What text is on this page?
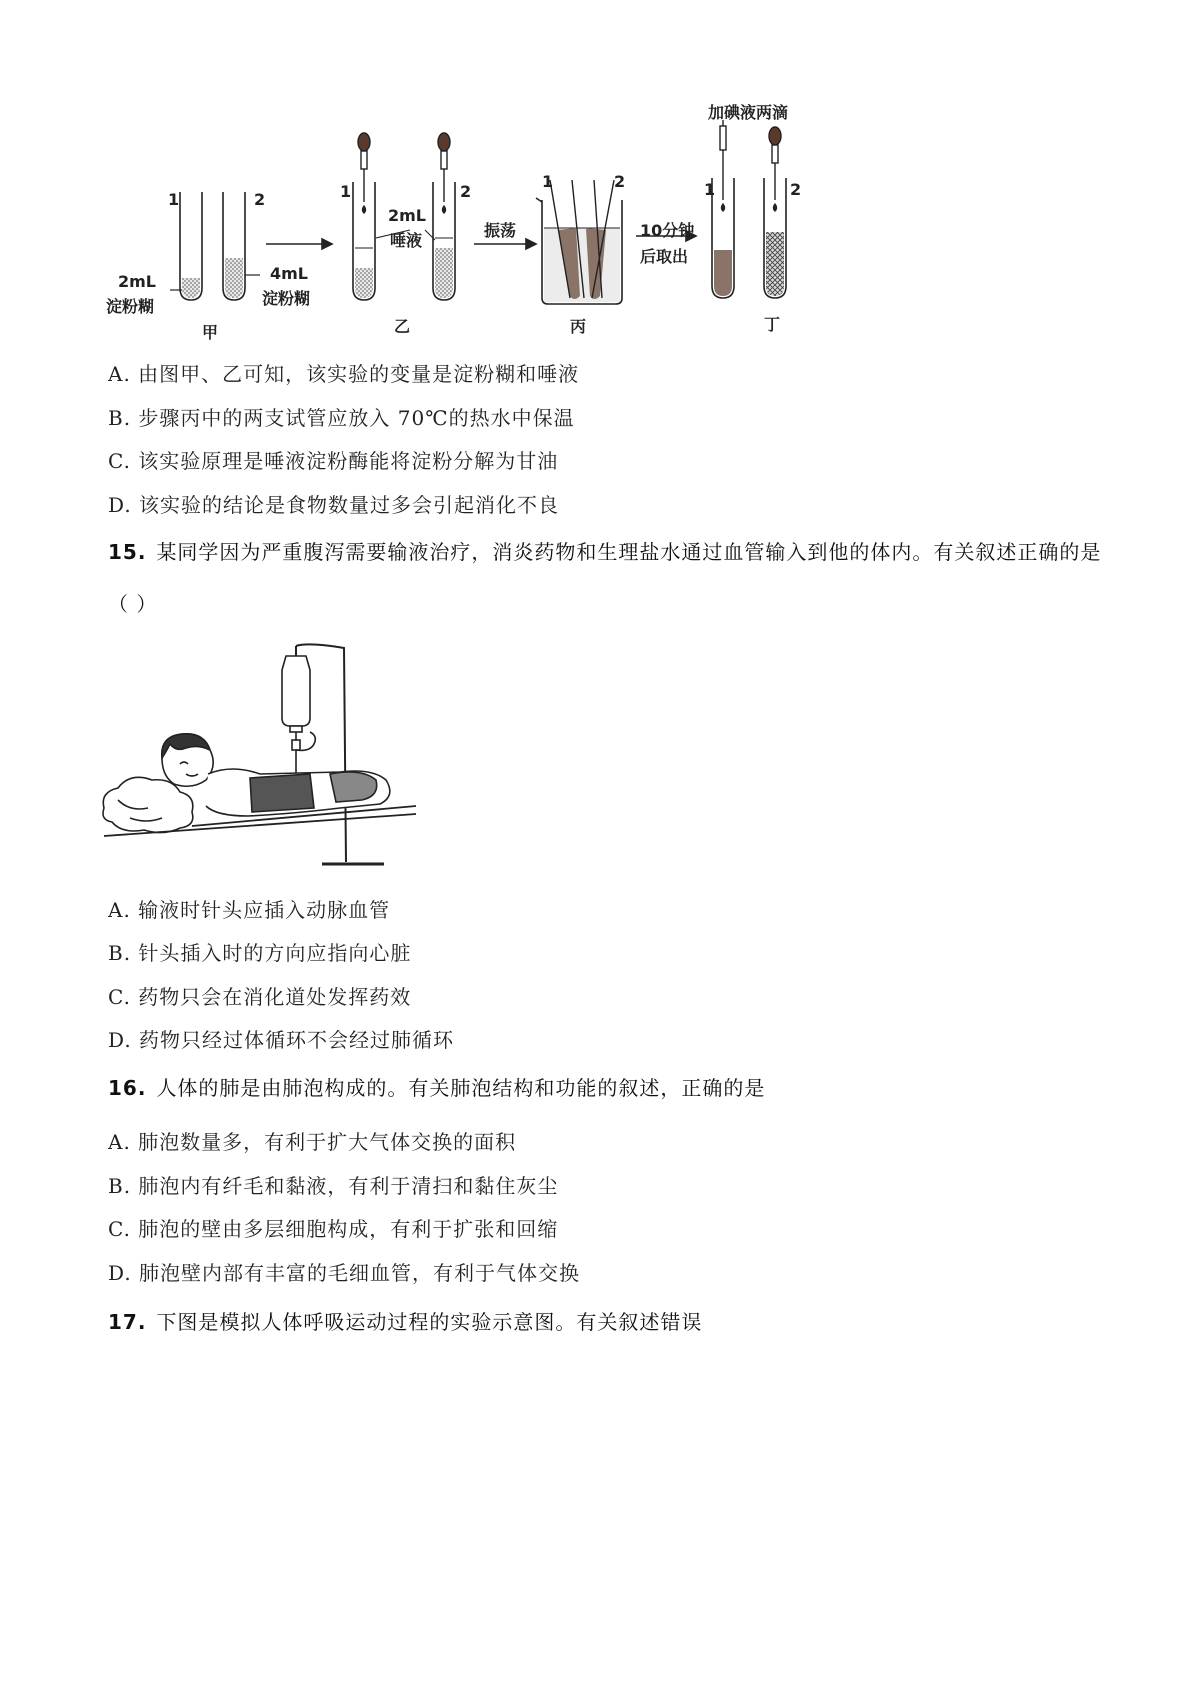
1	2
2mL
淀粉糊
4mL
淀粉糊
甲
1	2
2mL
唾液
乙
振荡
1	2
丙
10分钟
后取出
加碘液两滴
1	2
丁
A. 由图甲、乙可知，该实验的变量是淀粉糊和唾液
B. 步骤丙中的两支试管应放入 70℃的热水中保温
C. 该实验原理是唾液淀粉酶能将淀粉分解为甘油
D. 该实验的结论是食物数量过多会引起消化不良
15. 某同学因为严重腹泻需要输液治疗，消炎药物和生理盐水通过血管输入到他的体内。有关叙述正确的是
（ ）
A. 输液时针头应插入动脉血管
B. 针头插入时的方向应指向心脏
C. 药物只会在消化道处发挥药效
D. 药物只经过体循环不会经过肺循环
16. 人体的肺是由肺泡构成的。有关肺泡结构和功能的叙述，正确的是
A. 肺泡数量多，有利于扩大气体交换的面积
B. 肺泡内有纤毛和黏液，有利于清扫和黏住灰尘
C. 肺泡的壁由多层细胞构成，有利于扩张和回缩
D. 肺泡壁内部有丰富的毛细血管，有利于气体交换
17. 下图是模拟人体呼吸运动过程的实验示意图。有关叙述错误
